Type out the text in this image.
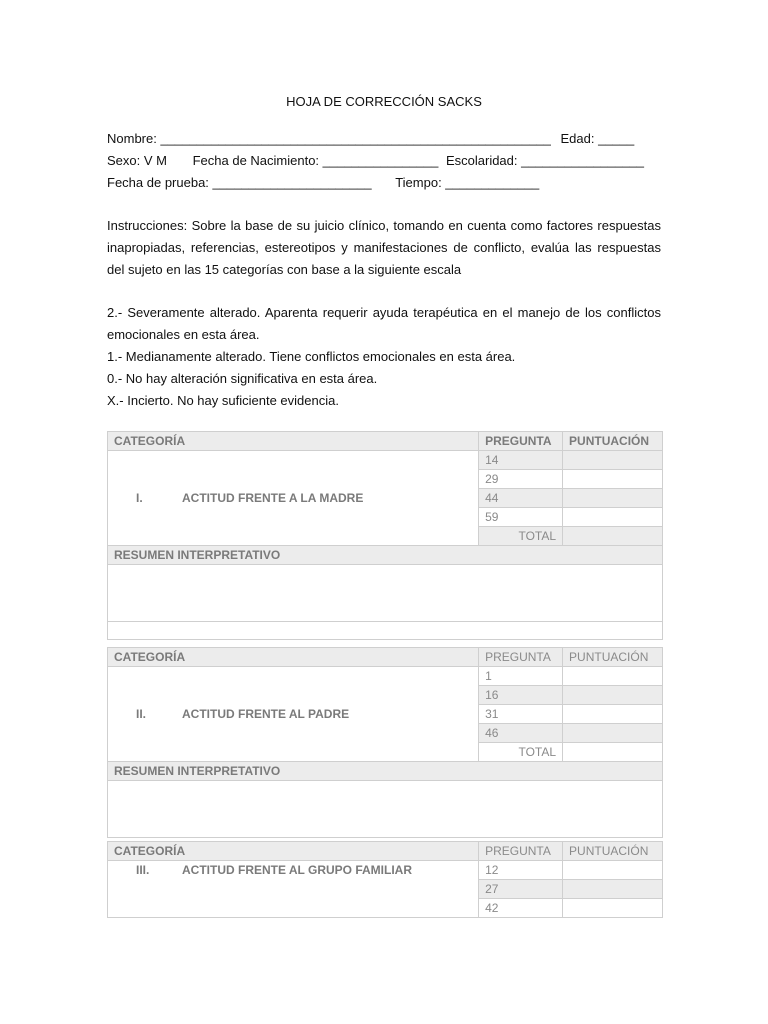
HOJA DE CORRECCIÓN SACKS
Nombre: ______________________________________________________ Edad: _____
Sexo: V M Fecha de Nacimiento: ________________ Escolaridad: _________________
Fecha de prueba: ______________________ Tiempo: _____________

Instrucciones: Sobre la base de su juicio clínico, tomando en cuenta como factores respuestas inapropiadas, referencias, estereotipos y manifestaciones de conflicto, evalúa las respuestas del sujeto en las 15 categorías con base a la siguiente escala

2.- Severamente alterado. Aparenta requerir ayuda terapéutica en el manejo de los conflictos emocionales en esta área.

1.- Medianamente alterado. Tiene conflictos emocionales en esta área.

0.- No hay alteración significativa en esta área.

X.- Incierto. No hay suficiente evidencia.

CATEGORÍA	PREGUNTA	PUNTUACIÓN
I. ACTITUD FRENTE A LA MADRE	14	
	29	
	44	
	59	
	TOTAL	
RESUMEN INTERPRETATIVO		

CATEGORÍA	PREGUNTA	PUNTUACIÓN
II. ACTITUD FRENTE AL PADRE	1	
	16	
	31	
	46	
	TOTAL	
RESUMEN INTERPRETATIVO		

CATEGORÍA	PREGUNTA	PUNTUACIÓN
III. ACTITUD FRENTE AL GRUPO FAMILIAR	12	
	27	
	42	
